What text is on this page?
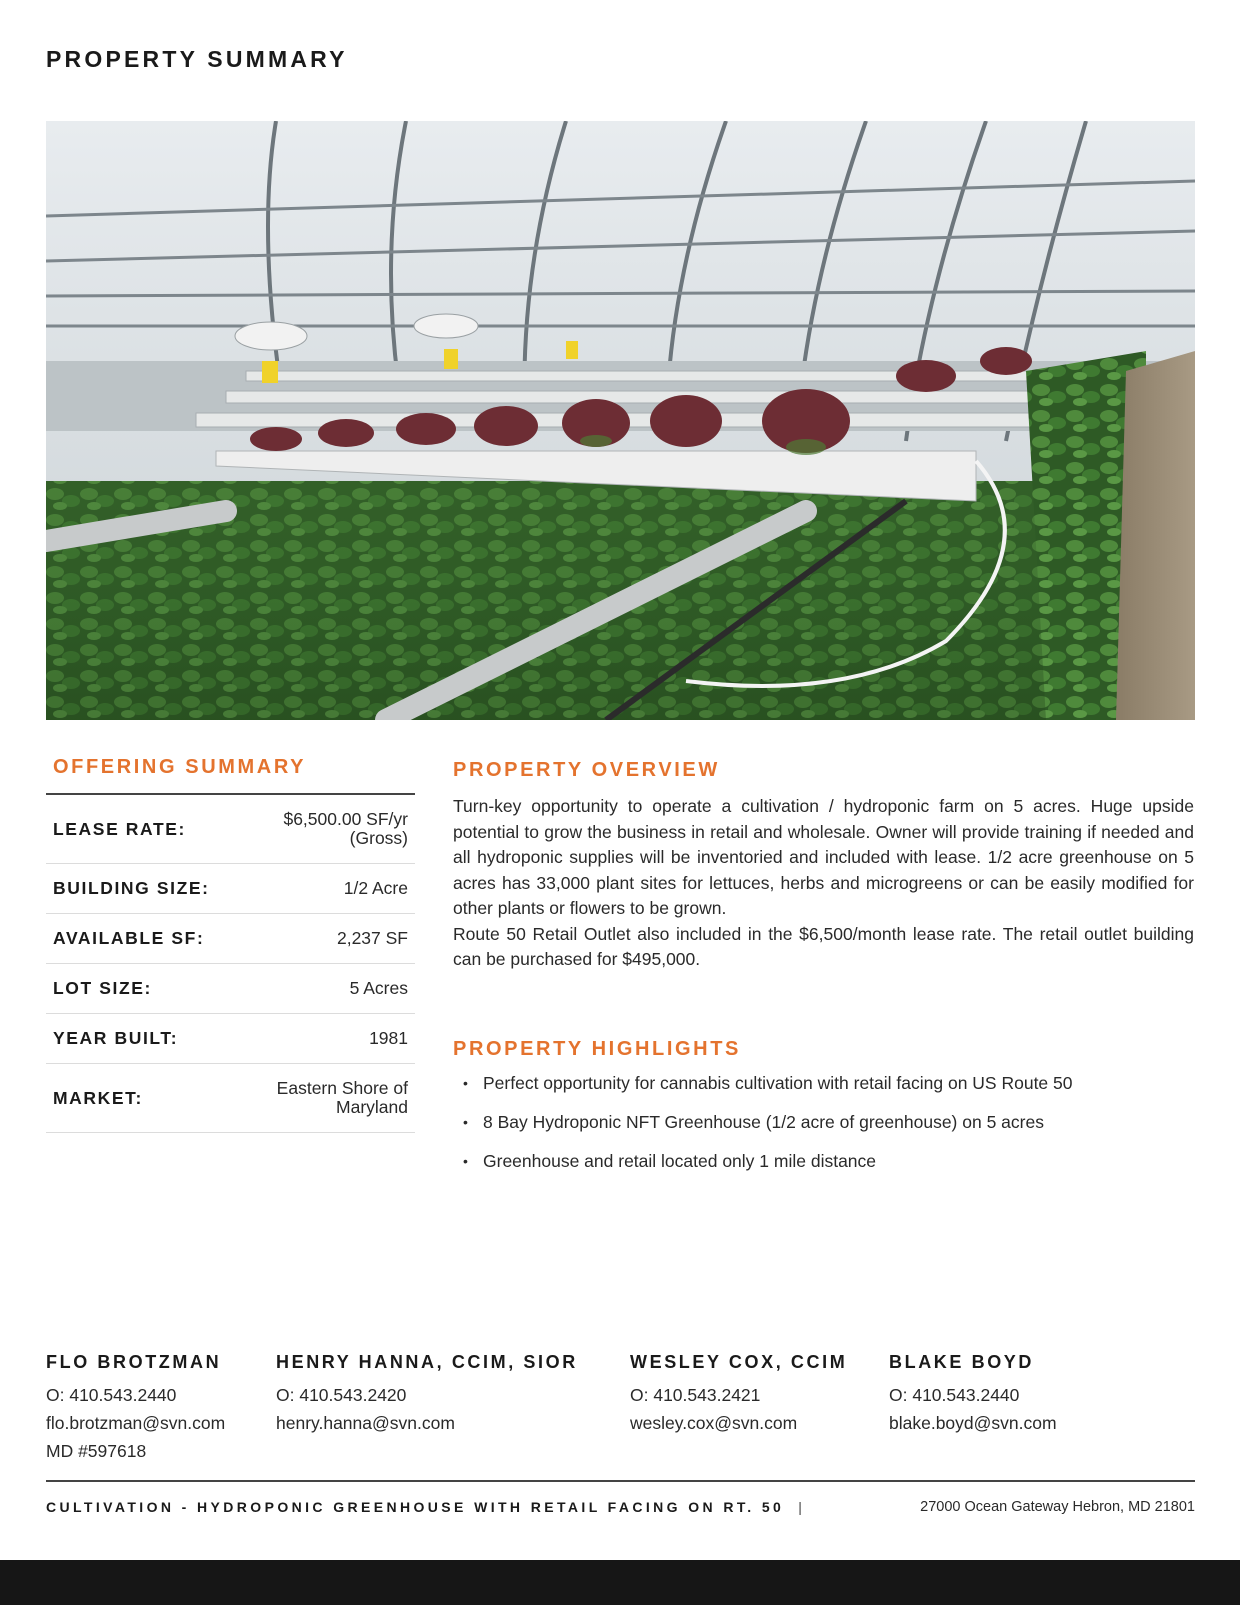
PROPERTY SUMMARY
OFFERING SUMMARY
LEASE RATE:	$6,500.00 SF/yr
(Gross)
BUILDING SIZE:	1/2 Acre
AVAILABLE SF:	2,237 SF
LOT SIZE:	5 Acres
YEAR BUILT:	1981
MARKET:	Eastern Shore of
Maryland
PROPERTY OVERVIEW

Turn-key opportunity to operate a cultivation / hydroponic farm on 5 acres. Huge upside potential to grow the business in retail and wholesale. Owner will provide training if needed and all hydroponic supplies will be inventoried and included with lease. 1/2 acre greenhouse on 5 acres has 33,000 plant sites for lettuces, herbs and microgreens or can be easily modified for other plants or flowers to be grown.

Route 50 Retail Outlet also included in the $6,500/month lease rate. The retail outlet building can be purchased for $495,000.

PROPERTY HIGHLIGHTS
• Perfect opportunity for cannabis cultivation with retail facing on US Route 50
• 8 Bay Hydroponic NFT Greenhouse (1/2 acre of greenhouse) on 5 acres
• Greenhouse and retail located only 1 mile distance
FLO BROTZMAN
O: 410.543.2440
flo.brotzman@svn.com
MD #597618
HENRY HANNA, CCIM, SIOR
O: 410.543.2420
henry.hanna@svn.com
WESLEY COX, CCIM
O: 410.543.2421
wesley.cox@svn.com
BLAKE BOYD
O: 410.543.2440
blake.boyd@svn.com
CULTIVATION - HYDROPONIC GREENHOUSE WITH RETAIL FACING ON RT. 50 |	27000 Ocean Gateway Hebron, MD 21801
